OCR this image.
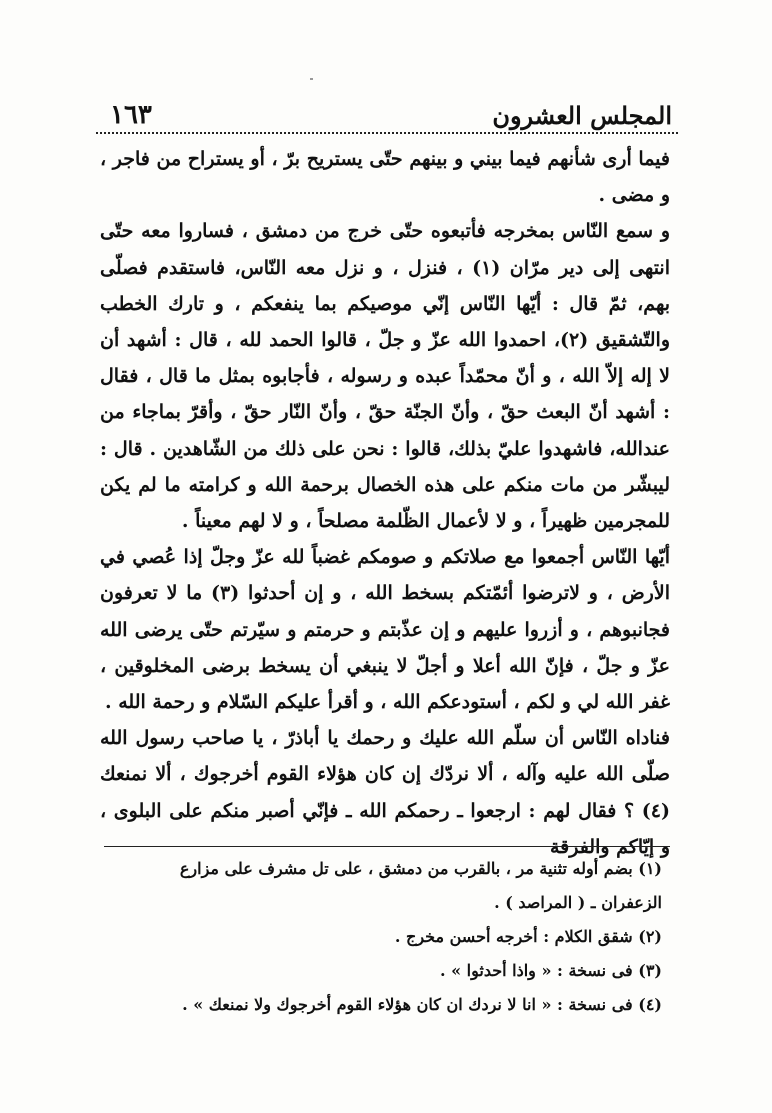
١٦٣	المجلس العشرون

فيما أرى شأنهم فيما بيني و بينهم حتّى يستريح برّ ، أو يستراح من فاجر ، و مضى .

و سمع النّاس بمخرجه فأتبعوه حتّى خرج من دمشق ، فساروا معه حتّى انتهى إلى دير مرّان (١) ، فنزل ، و نزل معه النّاس، فاستقدم فصلّى بهم، ثمّ قال : أيّها النّاس إنّي موصيكم بما ينفعكم ، و تارك الخطب والتّشقيق (٢)، احمدوا الله عزّ و جلّ ، قالوا الحمد لله ، قال : أشهد أن لا إله إلاّ الله ، و أنّ محمّداً عبده و رسوله ، فأجابوه بمثل ما قال ، فقال : أشهد أنّ البعث حقّ ، وأنّ الجنّة حقّ ، وأنّ النّار حقّ ، وأقرّ بماجاء من عندالله، فاشهدوا عليّ بذلك، قالوا : نحن على ذلك من الشّاهدين . قال : ليبشّر من مات منكم على هذه الخصال برحمة الله و كرامته ما لم يكن للمجرمين ظهيراً ، و لا لأعمال الظّلمة مصلحاً ، و لا لهم معيناً .

أيّها النّاس أجمعوا مع صلاتكم و صومكم غضباً لله عزّ وجلّ إذا عُصي في الأرض ، و لاترضوا أئمّتكم بسخط الله ، و إن أحدثوا (٣) ما لا تعرفون فجانبوهم ، و أزروا عليهم و إن عذّبتم و حرمتم و سيّرتم حتّى يرضى الله عزّ و جلّ ، فإنّ الله أعلا و أجلّ لا ينبغي أن يسخط برضى المخلوقين ، غفر الله لي و لكم ، أستودعكم الله ، و أقرأ عليكم السّلام و رحمة الله .

فناداه النّاس أن سلّم الله عليك و رحمك يا أباذرّ ، يا صاحب رسول الله صلّى الله عليه وآله ، ألا نردّك إن كان هؤلاء القوم أخرجوك ، ألا نمنعك (٤) ؟ فقال لهم : ارجعوا ـ رحمكم الله ـ فإنّي أصبر منكم على البلوى ، و إيّاكم والفرقة

(١) بضم أوله تثنية مر ، بالقرب من دمشق ، على تل مشرف على مزارع

الزعفران ـ ( المراصد ) .

(٢) شقق الكلام : أخرجه أحسن مخرج .

(٣) فى نسخة : « واذا أحدثوا » .

(٤) فى نسخة : « انا لا نردك ان كان هؤلاء القوم أخرجوك ولا نمنعك » .
